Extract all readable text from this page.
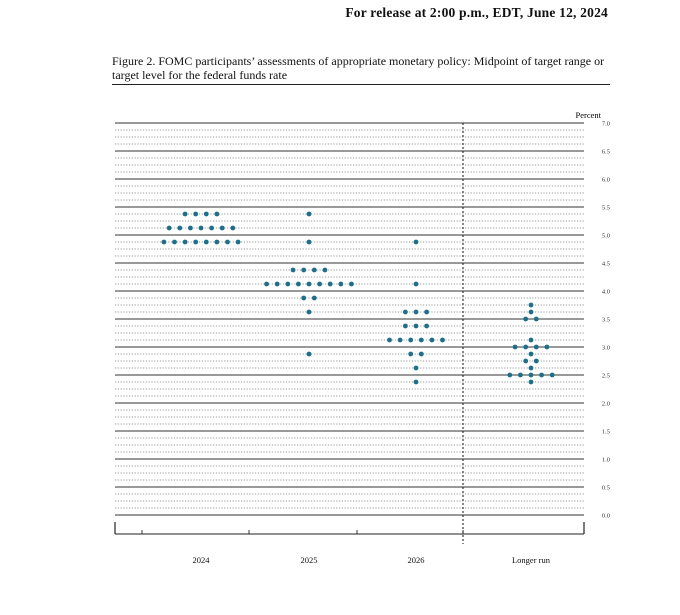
For release at 2:00 p.m., EDT, June 12, 2024
Figure 2. FOMC participants’ assessments of appropriate monetary policy: Midpoint of target range or target level for the federal funds rate
0.0
0.5
1.0
1.5
2.0
2.5
3.0
3.5
4.0
4.5
5.0
5.5
6.0
6.5
7.0
2024	2025	2026	Longer run
Percent
